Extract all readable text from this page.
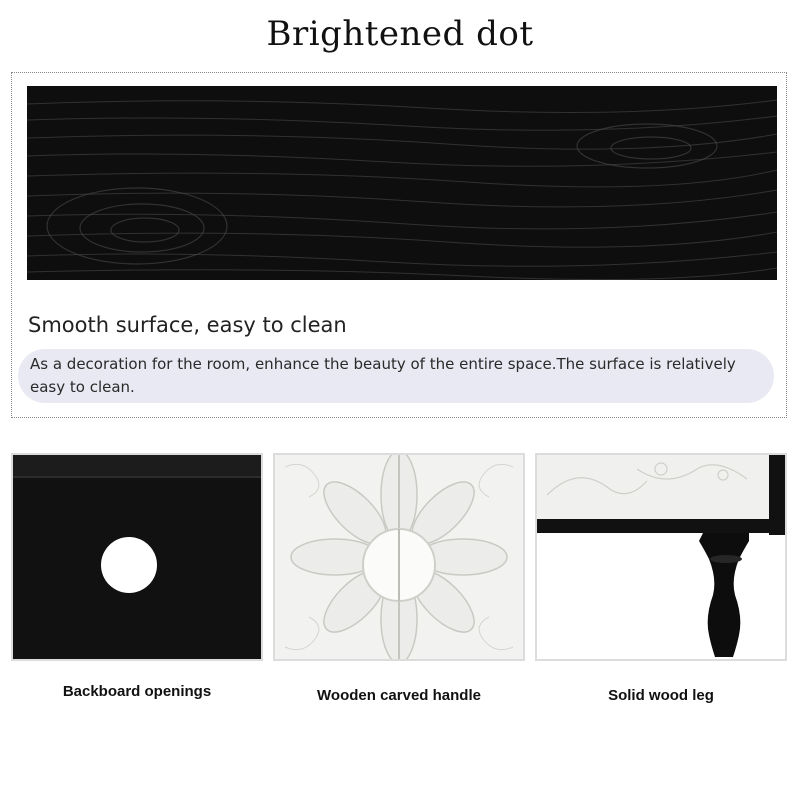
Brightened dot
Smooth surface, easy to clean
As a decoration for the room, enhance the beauty of the entire space.The surface is relatively easy to clean.
Backboard openings	Wooden carved handle	Solid wood leg
